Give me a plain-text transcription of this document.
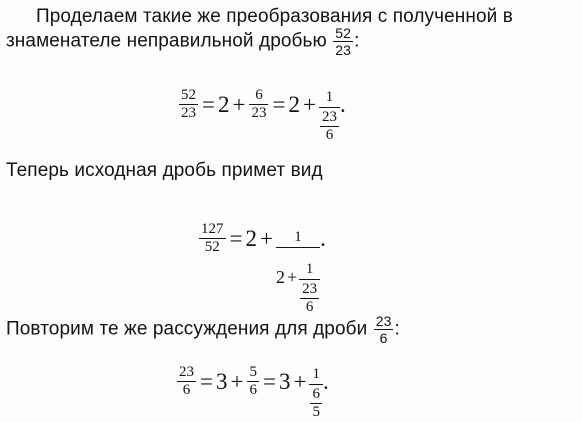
Проделаем такие же преобразования с полученной в
знаменателе неправильной дробью $\frac{52}{23}$ :
$\frac{52}{23} = 2 + \frac{6}{23} = 2 + \frac{1}{\frac{23}{6}}$ .
Теперь исходная дробь примет вид
$\frac{127}{52} = 2$ +	1
$2 + \frac{1}{\frac{23}{6}}$
.
Повторим те же рассуждения для дроби $\frac{23}{6}$ :
$\frac{23}{6} = 3 + \frac{5}{6} = 3 + \frac{1}{\frac{6}{5}}$ .
